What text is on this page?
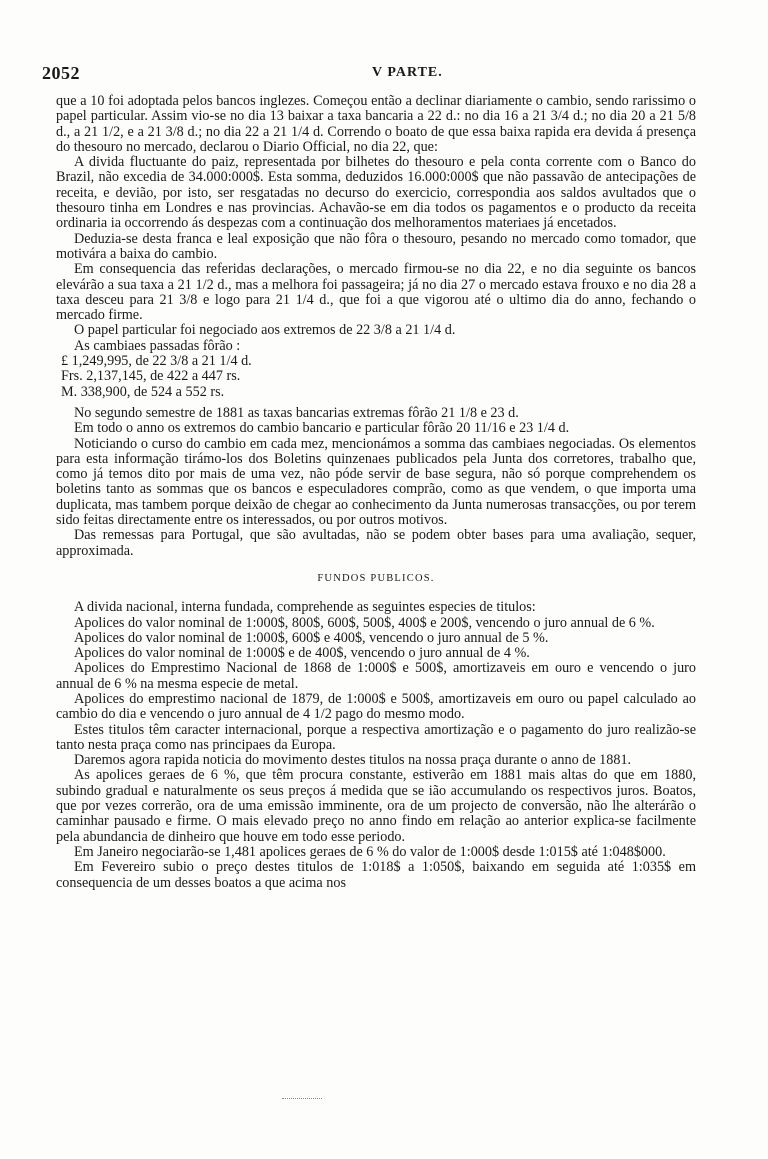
2052	V PARTE.

que a 10 foi adoptada pelos bancos inglezes. Começou então a declinar diariamente o cambio, sendo rarissimo o papel particular. Assim vio-se no dia 13 baixar a taxa bancaria a 22 d.: no dia 16 a 21 3/4 d.; no dia 20 a 21 5/8 d., a 21 1/2, e a 21 3/8 d.; no dia 22 a 21 1/4 d. Correndo o boato de que essa baixa rapida era devida á presença do thesouro no mercado, declarou o Diario Official, no dia 22, que:

A divida fluctuante do paiz, representada por bilhetes do thesouro e pela conta corrente com o Banco do Brazil, não excedia de 34.000:000$. Esta somma, deduzidos 16.000:000$ que não passavão de antecipações de receita, e devião, por isto, ser resgatadas no decurso do exercicio, correspondia aos saldos avultados que o thesouro tinha em Londres e nas provincias. Achavão-se em dia todos os pagamentos e o producto da receita ordinaria ia occorrendo ás despezas com a continuação dos melhoramentos materiaes já encetados.

Deduzia-se desta franca e leal exposição que não fôra o thesouro, pesando no mercado como tomador, que motivára a baixa do cambio.

Em consequencia das referidas declarações, o mercado firmou-se no dia 22, e no dia seguinte os bancos elevárão a sua taxa a 21 1/2 d., mas a melhora foi passageira; já no dia 27 o mercado estava frouxo e no dia 28 a taxa desceu para 21 3/8 e logo para 21 1/4 d., que foi a que vigorou até o ultimo dia do anno, fechando o mercado firme.

O papel particular foi negociado aos extremos de 22 3/8 a 21 1/4 d.

As cambiaes passadas fôrão :

£ 1,249,995, de 22 3/8 a 21 1/4 d.

Frs. 2,137,145, de 422 a 447 rs.

M. 338,900, de 524 a 552 rs.

No segundo semestre de 1881 as taxas bancarias extremas fôrão 21 1/8 e 23 d.

Em todo o anno os extremos do cambio bancario e particular fôrão 20 11/16 e 23 1/4 d.

Noticiando o curso do cambio em cada mez, mencionámos a somma das cambiaes negociadas. Os elementos para esta informação tirámo-los dos Boletins quinzenaes publicados pela Junta dos corretores, trabalho que, como já temos dito por mais de uma vez, não póde servir de base segura, não só porque comprehendem os boletins tanto as sommas que os bancos e especuladores comprão, como as que vendem, o que importa uma duplicata, mas tambem porque deixão de chegar ao conhecimento da Junta numerosas transacções, ou por terem sido feitas directamente entre os interessados, ou por outros motivos.

Das remessas para Portugal, que são avultadas, não se podem obter bases para uma avaliação, sequer, approximada.

FUNDOS PUBLICOS.

A divida nacional, interna fundada, comprehende as seguintes especies de titulos:

Apolices do valor nominal de 1:000$, 800$, 600$, 500$, 400$ e 200$, vencendo o juro annual de 6 %.

Apolices do valor nominal de 1:000$, 600$ e 400$, vencendo o juro annual de 5 %.

Apolices do valor nominal de 1:000$ e de 400$, vencendo o juro annual de 4 %.

Apolices do Emprestimo Nacional de 1868 de 1:000$ e 500$, amortizaveis em ouro e vencendo o juro annual de 6 % na mesma especie de metal.

Apolices do emprestimo nacional de 1879, de 1:000$ e 500$, amortizaveis em ouro ou papel calculado ao cambio do dia e vencendo o juro annual de 4 1/2 pago do mesmo modo.

Estes titulos têm caracter internacional, porque a respectiva amortização e o pagamento do juro realizão-se tanto nesta praça como nas principaes da Europa.

Daremos agora rapida noticia do movimento destes titulos na nossa praça durante o anno de 1881.

As apolices geraes de 6 %, que têm procura constante, estiverão em 1881 mais altas do que em 1880, subindo gradual e naturalmente os seus preços á medida que se ião accumulando os respectivos juros. Boatos, que por vezes correrão, ora de uma emissão imminente, ora de um projecto de conversão, não lhe alterárão o caminhar pausado e firme. O mais elevado preço no anno findo em relação ao anterior explica-se facilmente pela abundancia de dinheiro que houve em todo esse periodo.

Em Janeiro negociarão-se 1,481 apolices geraes de 6 % do valor de 1:000$ desde 1:015$ até 1:048$000.

Em Fevereiro subio o preço destes titulos de 1:018$ a 1:050$, baixando em seguida até 1:035$ em consequencia de um desses boatos a que acima nos
